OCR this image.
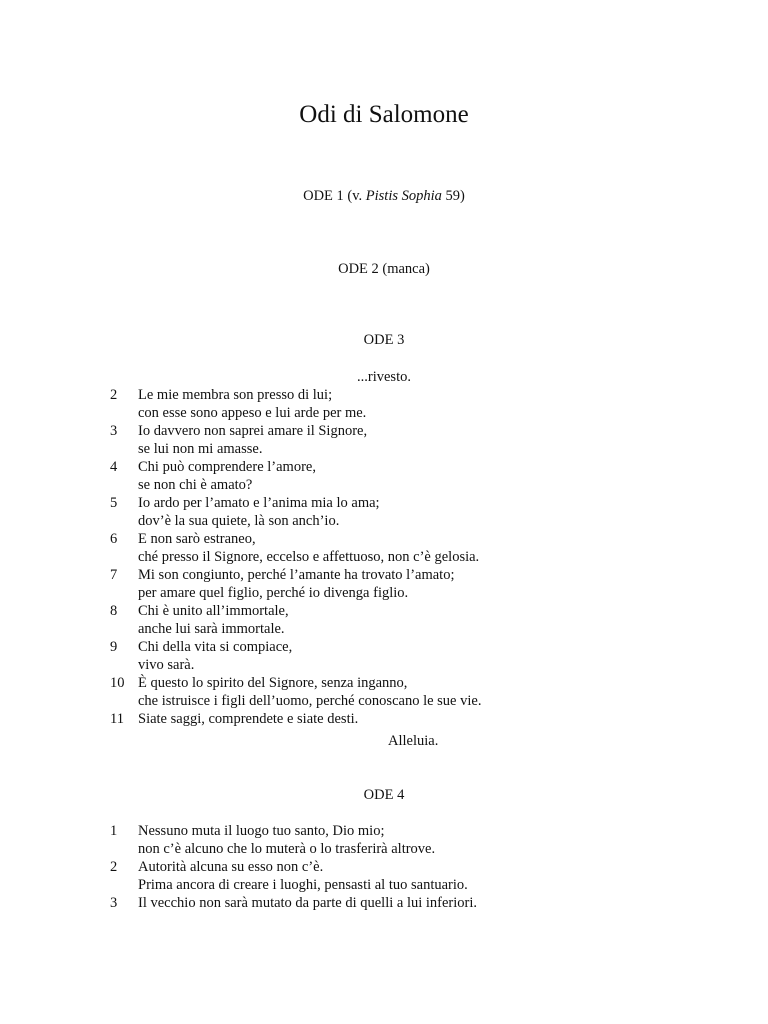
Odi di Salomone
ODE 1 (v. Pistis Sophia 59)
ODE 2 (manca)
ODE 3
...rivesto.
2 Le mie membra son presso di lui;
con esse sono appeso e lui arde per me.
3 Io davvero non saprei amare il Signore,
se lui non mi amasse.
4 Chi può comprendere l’amore,
se non chi è amato?
5 Io ardo per l’amato e l’anima mia lo ama;
dov’è la sua quiete, là son anch’io.
6 E non sarò estraneo,
ché presso il Signore, eccelso e affettuoso, non c’è gelosia.
7 Mi son congiunto, perché l’amante ha trovato l’amato;
per amare quel figlio, perché io divenga figlio.
8 Chi è unito all’immortale,
anche lui sarà immortale.
9 Chi della vita si compiace,
vivo sarà.
10 È questo lo spirito del Signore, senza inganno,
che istruisce i figli dell’uomo, perché conoscano le sue vie.
11 Siate saggi, comprendete e siate desti.
Alleluia.
ODE 4
1 Nessuno muta il luogo tuo santo, Dio mio;
non c’è alcuno che lo muterà o lo trasferirà altrove.
2 Autorità alcuna su esso non c’è.
Prima ancora di creare i luoghi, pensasti al tuo santuario.
3 Il vecchio non sarà mutato da parte di quelli a lui inferiori.
